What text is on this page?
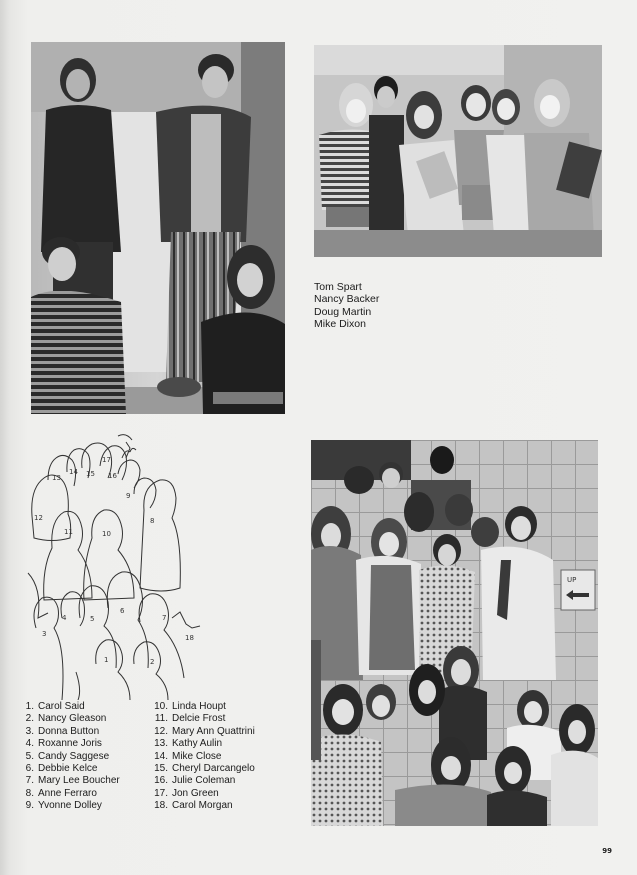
Tom Spart
Nancy Backer
Doug Martin
Mike Dixon
1	2
3
4	5
6
7
8
9
10
11
12
13
14 15 16
17
18
1. Carol Said
2. Nancy Gleason
3. Donna Button
4. Roxanne Joris
5. Candy Saggese
6. Debbie Kelce
7. Mary Lee Boucher
8. Anne Ferraro
9. Yvonne Dolley
10. Linda Houpt
11. Delcie Frost
12. Mary Ann Quattrini
13. Kathy Aulin
14. Mike Close
15. Cheryl Darcangelo
16. Julie Coleman
17. Jon Green
18. Carol Morgan
UP
99
